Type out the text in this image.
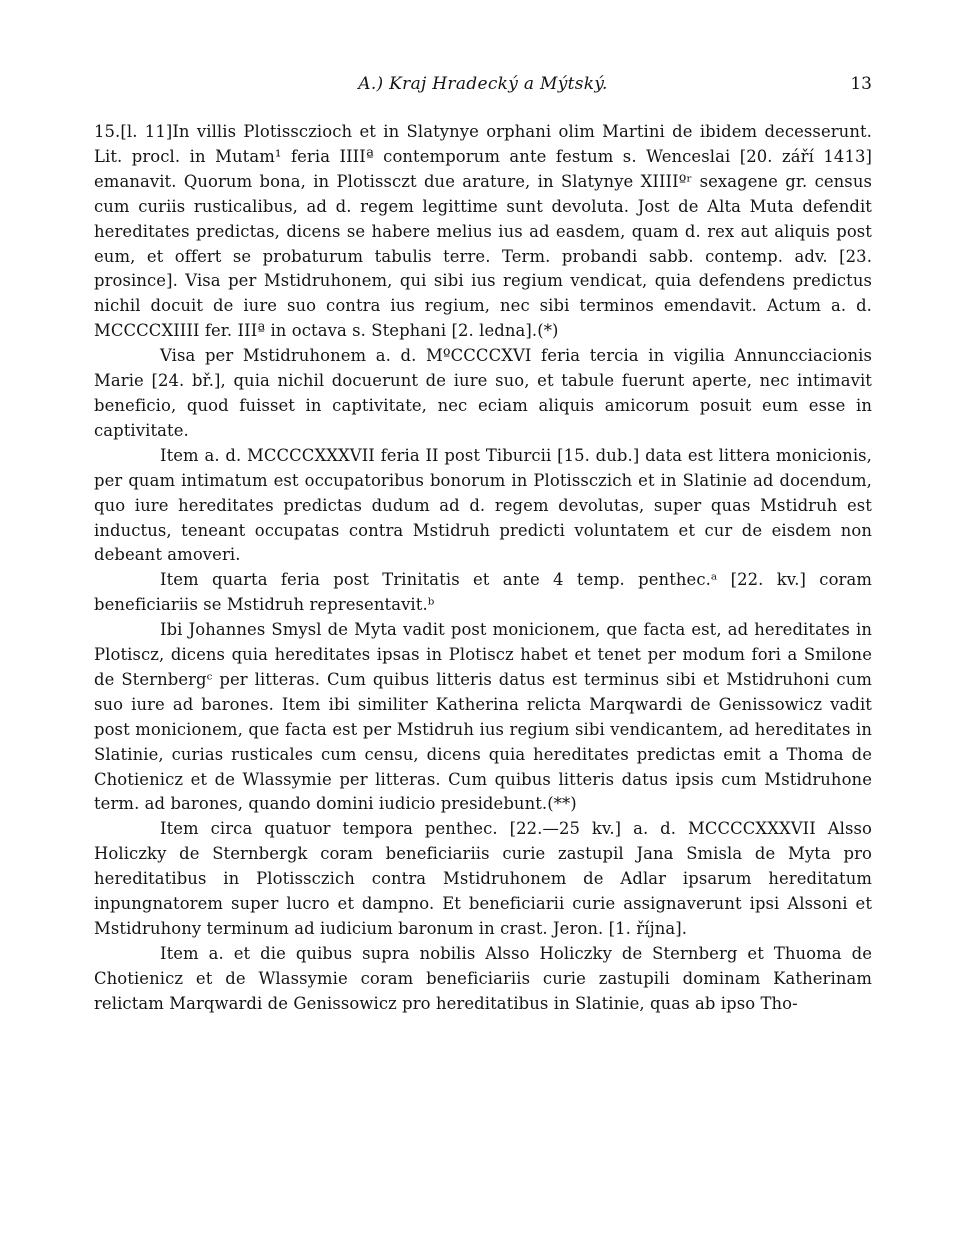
A.) Kraj Hradecký a Mýtský.	13

15.[l. 11]In villis Plotissczioch et in Slatynye orphani olim Martini de ibidem decesserunt. Lit. procl. in Mutam¹ feria IIIIª contemporum ante festum s. Wenceslai [20. září 1413] emanavit. Quorum bona, in Plotissczt due arature, in Slatynye XIIIIºʳ sexagene gr. census cum curiis rusticalibus, ad d. regem legittime sunt devoluta. Jost de Alta Muta defendit hereditates predictas, dicens se habere melius ius ad easdem, quam d. rex aut aliquis post eum, et offert se probaturum tabulis terre. Term. probandi sabb. contemp. adv. [23. prosince]. Visa per Mstidruhonem, qui sibi ius regium vendicat, quia defendens predictus nichil docuit de iure suo contra ius regium, nec sibi terminos emendavit. Actum a. d. MCCCCXIIII fer. IIIª in octava s. Stephani [2. ledna].(*)

Visa per Mstidruhonem a. d. MºCCCCXVI feria tercia in vigilia Annuncciacionis Marie [24. bř.], quia nichil docuerunt de iure suo, et tabule fuerunt aperte, nec intimavit beneficio, quod fuisset in captivitate, nec eciam aliquis amicorum posuit eum esse in captivitate.

Item a. d. MCCCCXXXVII feria II post Tiburcii [15. dub.] data est littera monicionis, per quam intimatum est occupatoribus bonorum in Plotissczich et in Slatinie ad docendum, quo iure hereditates predictas dudum ad d. regem devolutas, super quas Mstidruh est inductus, teneant occupatas contra Mstidruh predicti voluntatem et cur de eisdem non debeant amoveri.

Item quarta feria post Trinitatis et ante 4 temp. penthec.ᵃ [22. kv.] coram beneficiariis se Mstidruh representavit.ᵇ

Ibi Johannes Smysl de Myta vadit post monicionem, que facta est, ad hereditates in Plotiscz, dicens quia hereditates ipsas in Plotiscz habet et tenet per modum fori a Smilone de Sternbergᶜ per litteras. Cum quibus litteris datus est terminus sibi et Mstidruhoni cum suo iure ad barones. Item ibi similiter Katherina relicta Marqwardi de Genissowicz vadit post monicionem, que facta est per Mstidruh ius regium sibi vendicantem, ad hereditates in Slatinie, curias rusticales cum censu, dicens quia hereditates predictas emit a Thoma de Chotienicz et de Wlassymie per litteras. Cum quibus litteris datus ipsis cum Mstidruhone term. ad barones, quando domini iudicio presidebunt.(**)

Item circa quatuor tempora penthec. [22.—25 kv.] a. d. MCCCCXXXVII Alsso Holiczky de Sternbergk coram beneficiariis curie zastupil Jana Smisla de Myta pro hereditatibus in Plotissczich contra Mstidruhonem de Adlar ipsarum hereditatum inpungnatorem super lucro et dampno. Et beneficiarii curie assignaverunt ipsi Alssoni et Mstidruhony terminum ad iudicium baronum in crast. Jeron. [1. října].

Item a. et die quibus supra nobilis Alsso Holiczky de Sternberg et Thuoma de Chotienicz et de Wlassymie coram beneficiariis curie zastupili dominam Katherinam relictam Marqwardi de Genissowicz pro hereditatibus in Slatinie, quas ab ipso Tho-
